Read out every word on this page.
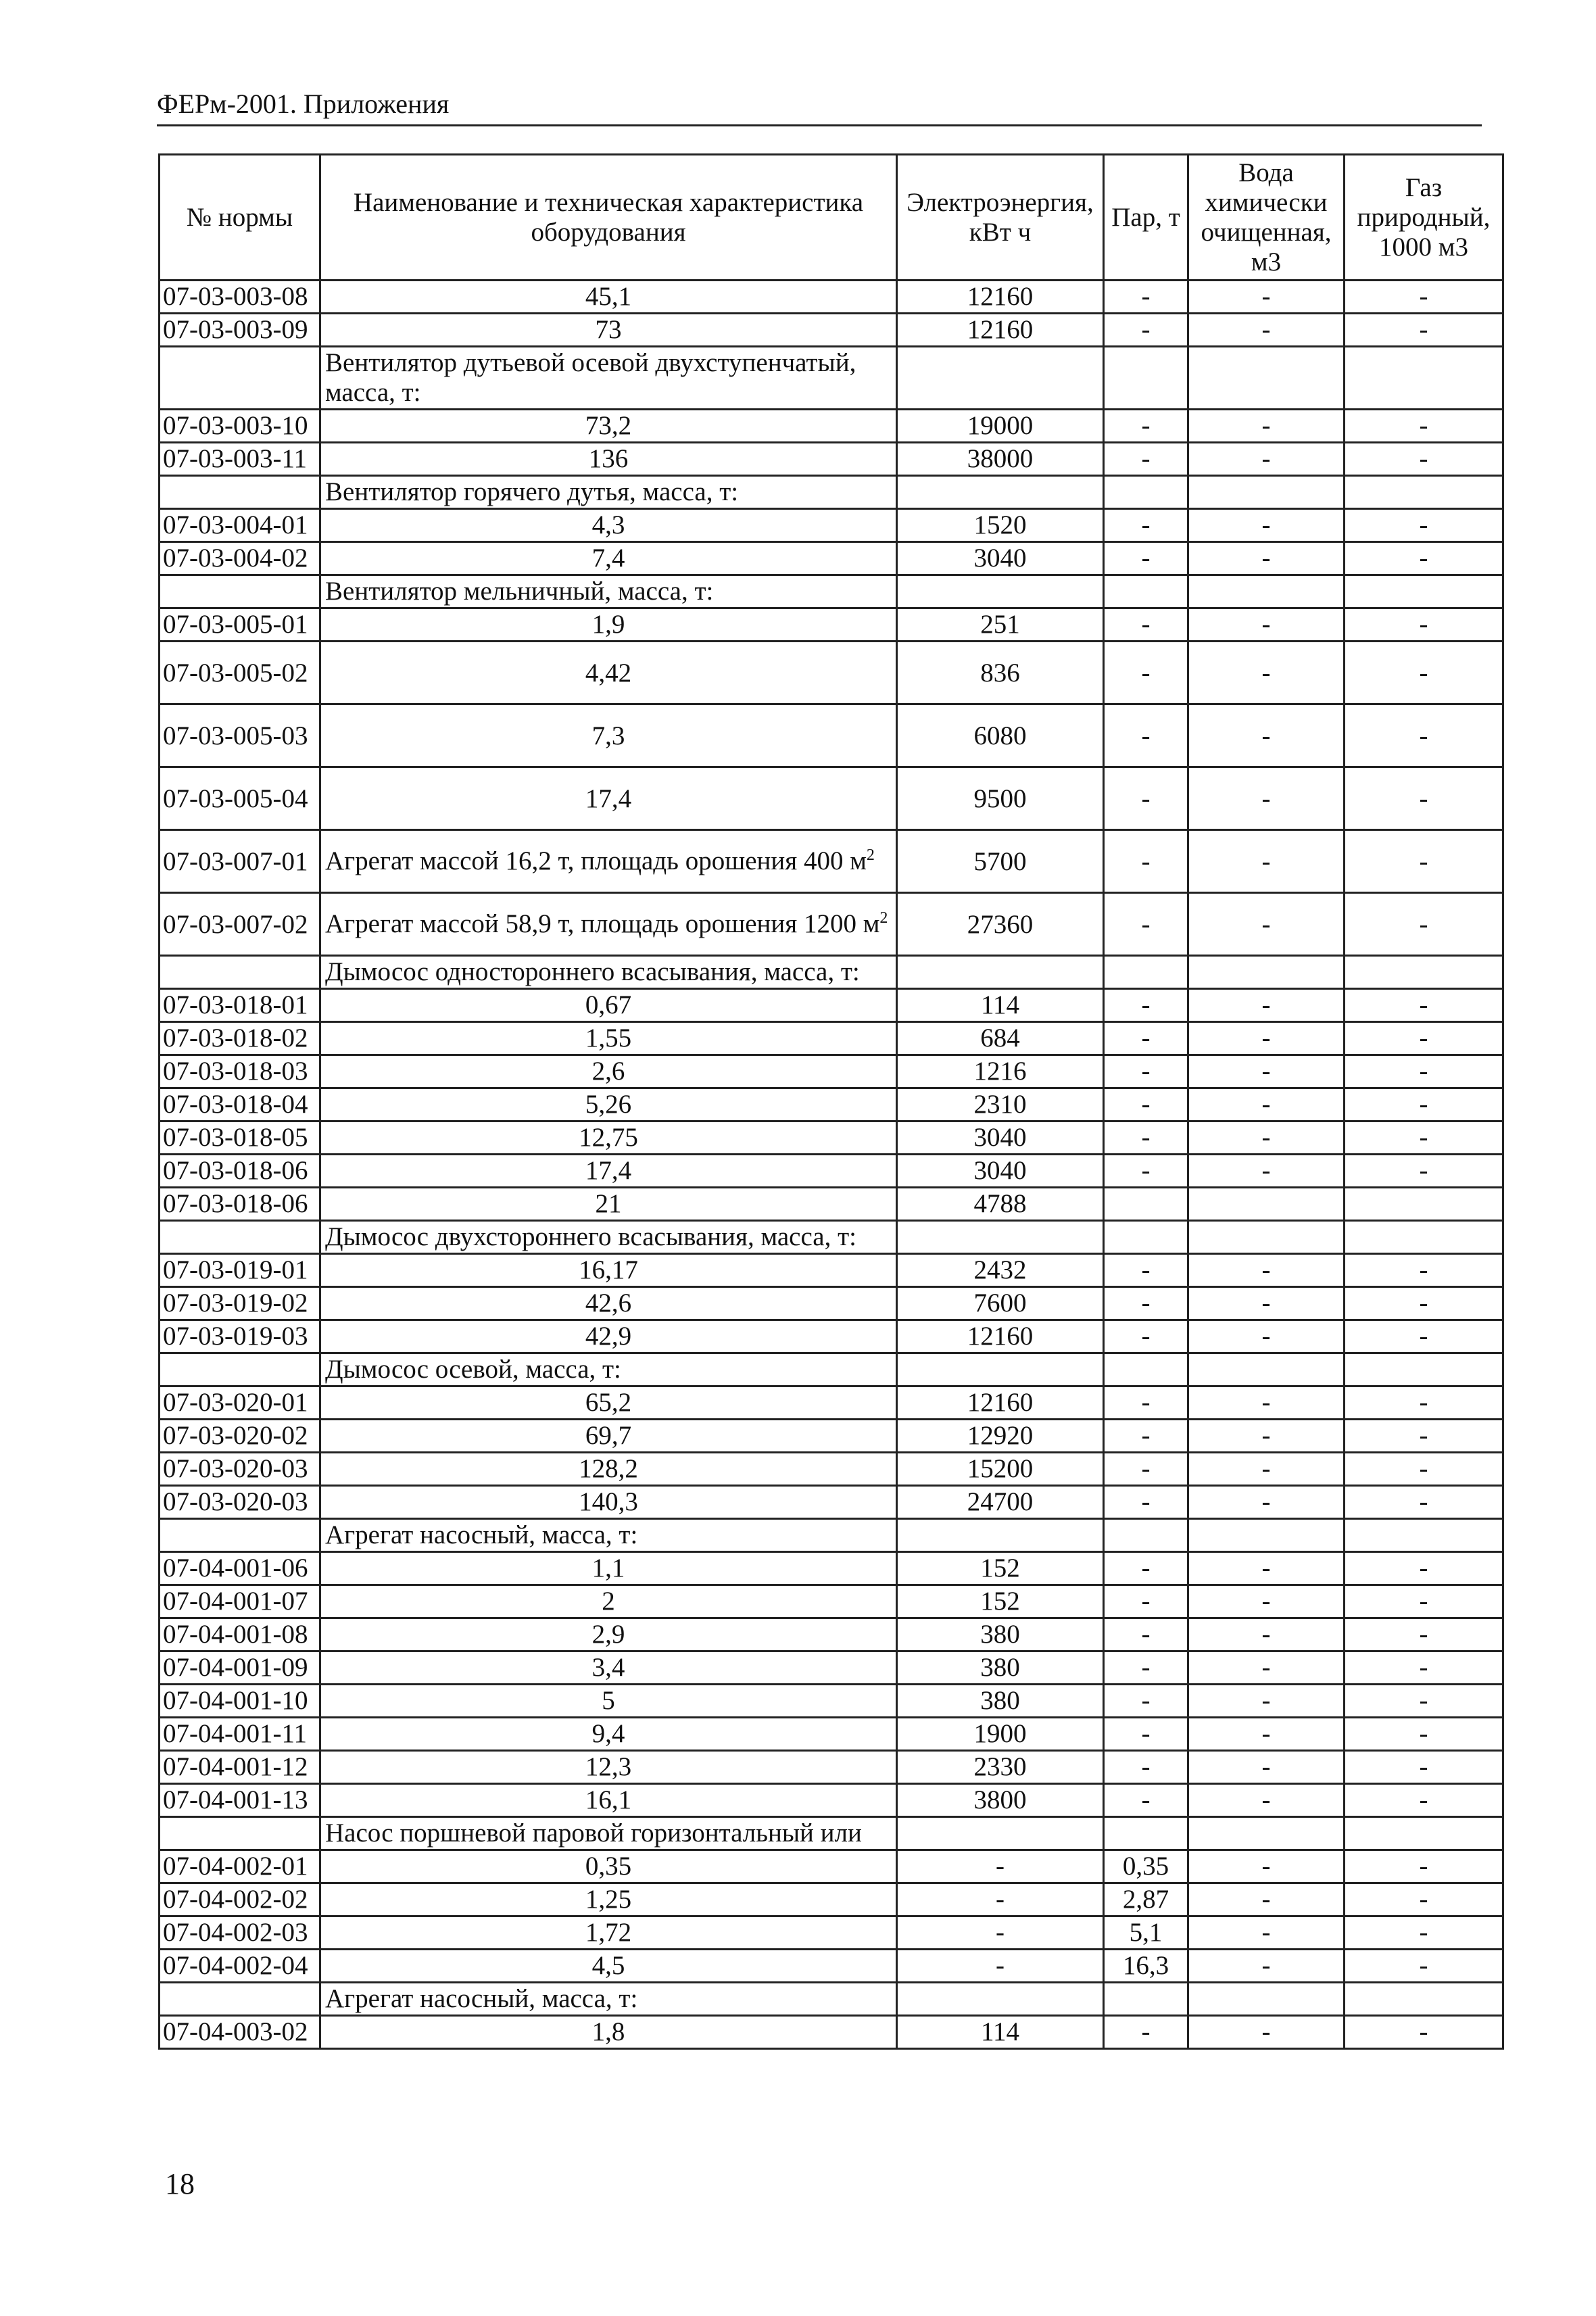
ФЕРм-2001. Приложения
№ нормы	Наименование и техническая характеристика оборудования	Электроэнергия, кВт ч	Пар, т	Вода химически очищенная, м3	Газ природный, 1000 м3
07-03-003-08	45,1	12160	-	-	-
07-03-003-09	73	12160	-	-	-
	Вентилятор дутьевой осевой двухступенчатый, масса, т:				
07-03-003-10	73,2	19000	-	-	-
07-03-003-11	136	38000	-	-	-
	Вентилятор горячего дутья, масса, т:				
07-03-004-01	4,3	1520	-	-	-
07-03-004-02	7,4	3040	-	-	-
	Вентилятор мельничный, масса, т:				
07-03-005-01	1,9	251	-	-	-
07-03-005-02	4,42	836	-	-	-
07-03-005-03	7,3	6080	-	-	-
07-03-005-04	17,4	9500	-	-	-
07-03-007-01	Агрегат массой 16,2 т, площадь орошения 400 $м^2$	5700	-	-	-
07-03-007-02	Агрегат массой 58,9 т, площадь орошения 1200 $м^2$	27360	-	-	-
	Дымосос одностороннего всасывания, масса, т:				
07-03-018-01	0,67	114	-	-	-
07-03-018-02	1,55	684	-	-	-
07-03-018-03	2,6	1216	-	-	-
07-03-018-04	5,26	2310	-	-	-
07-03-018-05	12,75	3040	-	-	-
07-03-018-06	17,4	3040	-	-	-
07-03-018-06	21	4788			
	Дымосос двухстороннего всасывания, масса, т:				
07-03-019-01	16,17	2432	-	-	-
07-03-019-02	42,6	7600	-	-	-
07-03-019-03	42,9	12160	-	-	-
	Дымосос осевой, масса, т:				
07-03-020-01	65,2	12160	-	-	-
07-03-020-02	69,7	12920	-	-	-
07-03-020-03	128,2	15200	-	-	-
07-03-020-03	140,3	24700	-	-	-
	Агрегат насосный, масса, т:				
07-04-001-06	1,1	152	-	-	-
07-04-001-07	2	152	-	-	-
07-04-001-08	2,9	380	-	-	-
07-04-001-09	3,4	380	-	-	-
07-04-001-10	5	380	-	-	-
07-04-001-11	9,4	1900	-	-	-
07-04-001-12	12,3	2330	-	-	-
07-04-001-13	16,1	3800	-	-	-
	Насос поршневой паровой горизонтальный или				
07-04-002-01	0,35	-	0,35	-	-
07-04-002-02	1,25	-	2,87	-	-
07-04-002-03	1,72	-	5,1	-	-
07-04-002-04	4,5	-	16,3	-	-
	Агрегат насосный, масса, т:				
07-04-003-02	1,8	114	-	-	-
18
